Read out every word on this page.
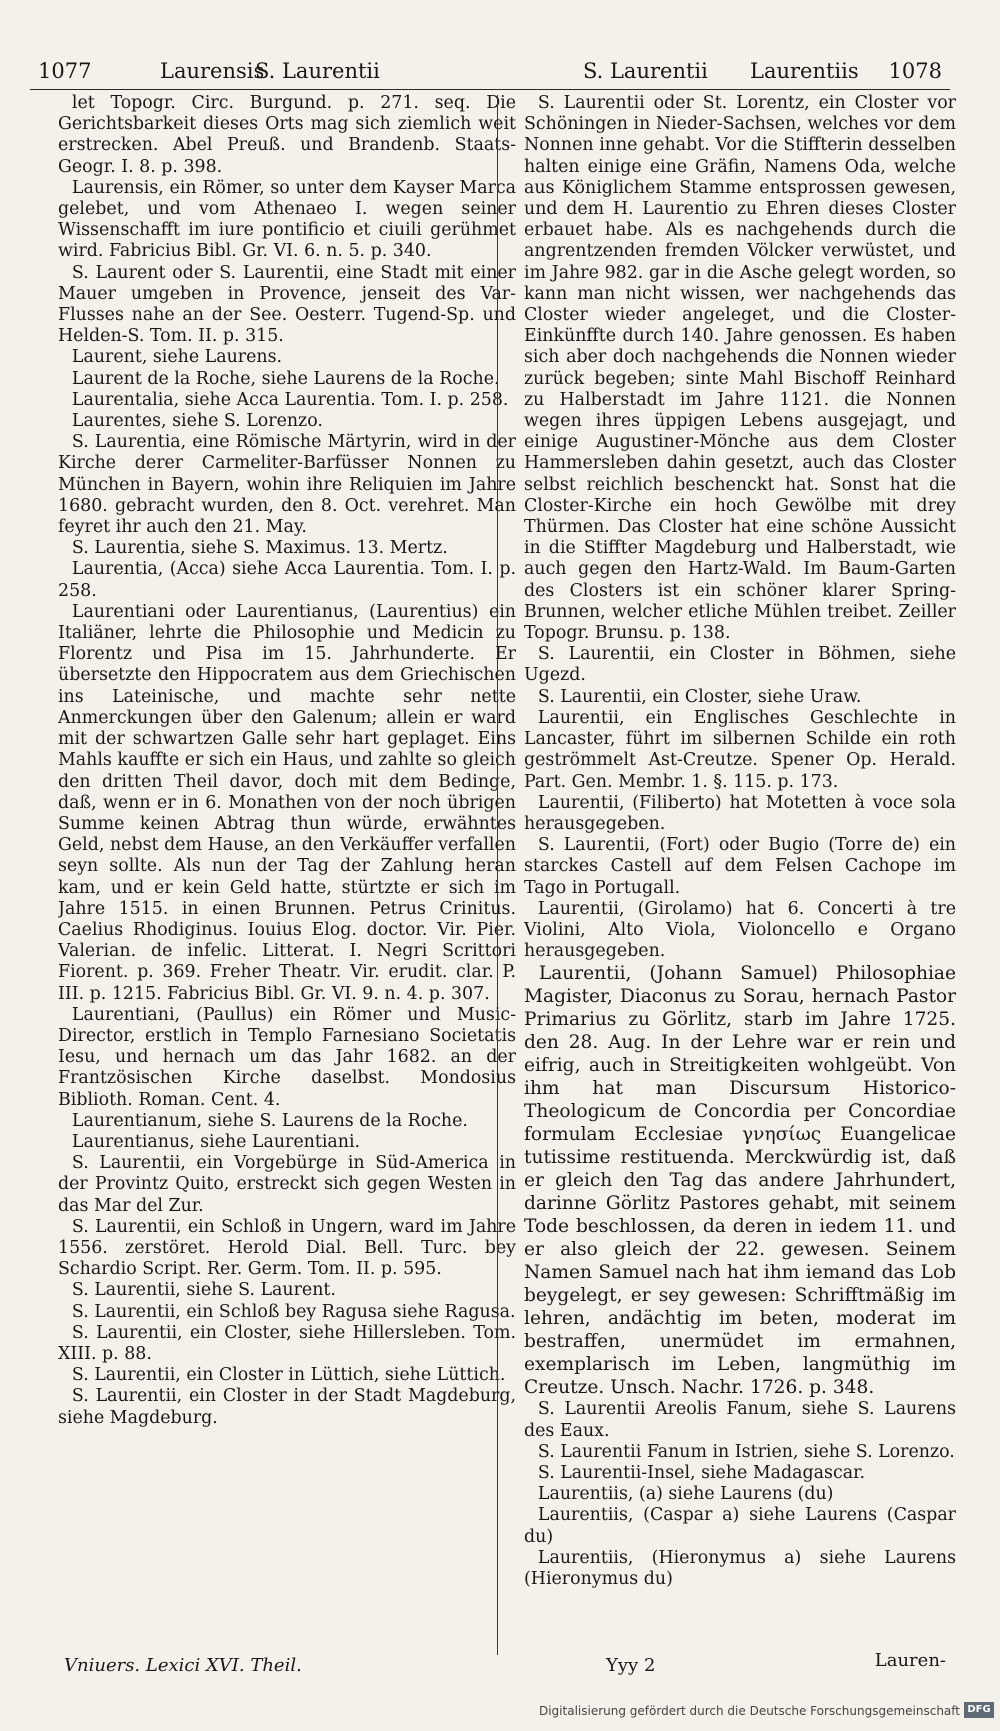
1077	Laurensis
S. Laurentii	S. Laurentii Laurentiis 1078

let Topogr. Circ. Burgund. p. 271. seq. Die Gerichtsbarkeit dieses Orts mag sich ziemlich weit erstrecken. Abel Preuß. und Brandenb. Staats-Geogr. I. 8. p. 398.

Laurensis, ein Römer, so unter dem Kayser Marca gelebet, und vom Athenaeo I. wegen seiner Wissenschafft im iure pontificio et ciuili gerühmet wird. Fabricius Bibl. Gr. VI. 6. n. 5. p. 340.

S. Laurent oder S. Laurentii, eine Stadt mit einer Mauer umgeben in Provence, jenseit des Var-Flusses nahe an der See. Oesterr. Tugend-Sp. und Helden-S. Tom. II. p. 315.

Laurent, siehe Laurens.

Laurent de la Roche, siehe Laurens de la Roche.

Laurentalia, siehe Acca Laurentia. Tom. I. p. 258.

Laurentes, siehe S. Lorenzo.

S. Laurentia, eine Römische Märtyrin, wird in der Kirche derer Carmeliter-Barfüsser Nonnen zu München in Bayern, wohin ihre Reliquien im Jahre 1680. gebracht wurden, den 8. Oct. verehret. Man feyret ihr auch den 21. May.

S. Laurentia, siehe S. Maximus. 13. Mertz.

Laurentia, (Acca) siehe Acca Laurentia. Tom. I. p. 258.

Laurentiani oder Laurentianus, (Laurentius) ein Italiäner, lehrte die Philosophie und Medicin zu Florentz und Pisa im 15. Jahrhunderte. Er übersetzte den Hippocratem aus dem Griechischen ins Lateinische, und machte sehr nette Anmerckungen über den Galenum; allein er ward mit der schwartzen Galle sehr hart geplaget. Eins Mahls kauffte er sich ein Haus, und zahlte so gleich den dritten Theil davor, doch mit dem Bedinge, daß, wenn er in 6. Monathen von der noch übrigen Summe keinen Abtrag thun würde, erwähntes Geld, nebst dem Hause, an den Verkäuffer verfallen seyn sollte. Als nun der Tag der Zahlung heran kam, und er kein Geld hatte, stürtzte er sich im Jahre 1515. in einen Brunnen. Petrus Crinitus. Caelius Rhodiginus. Iouius Elog. doctor. Vir. Pier. Valerian. de infelic. Litterat. I. Negri Scrittori Fiorent. p. 369. Freher Theatr. Vir. erudit. clar. P. III. p. 1215. Fabricius Bibl. Gr. VI. 9. n. 4. p. 307.

Laurentiani, (Paullus) ein Römer und Music-Director, erstlich in Templo Farnesiano Societatis Iesu, und hernach um das Jahr 1682. an der Frantzösischen Kirche daselbst. Mondosius Biblioth. Roman. Cent. 4.

Laurentianum, siehe S. Laurens de la Roche.

Laurentianus, siehe Laurentiani.

S. Laurentii, ein Vorgebürge in Süd-America in der Provintz Quito, erstreckt sich gegen Westen in das Mar del Zur.

S. Laurentii, ein Schloß in Ungern, ward im Jahre 1556. zerstöret. Herold Dial. Bell. Turc. bey Schardio Script. Rer. Germ. Tom. II. p. 595.

S. Laurentii, siehe S. Laurent.

S. Laurentii, ein Schloß bey Ragusa siehe Ragusa.

S. Laurentii, ein Closter, siehe Hillersleben. Tom. XIII. p. 88.

S. Laurentii, ein Closter in Lüttich, siehe Lüttich.

S. Laurentii, ein Closter in der Stadt Magdeburg, siehe Magdeburg.

S. Laurentii oder St. Lorentz, ein Closter vor Schöningen in Nieder-Sachsen, welches vor dem Nonnen inne gehabt. Vor die Stiffterin desselben halten einige eine Gräfin, Namens Oda, welche aus Königlichem Stamme entsprossen gewesen, und dem H. Laurentio zu Ehren dieses Closter erbauet habe. Als es nachgehends durch die angrentzenden fremden Völcker verwüstet, und im Jahre 982. gar in die Asche gelegt worden, so kann man nicht wissen, wer nachgehends das Closter wieder angeleget, und die Closter-Einkünffte durch 140. Jahre genossen. Es haben sich aber doch nachgehends die Nonnen wieder zurück begeben; sinte Mahl Bischoff Reinhard zu Halberstadt im Jahre 1121. die Nonnen wegen ihres üppigen Lebens ausgejagt, und einige Augustiner-Mönche aus dem Closter Hammersleben dahin gesetzt, auch das Closter selbst reichlich beschenckt hat. Sonst hat die Closter-Kirche ein hoch Gewölbe mit drey Thürmen. Das Closter hat eine schöne Aussicht in die Stiffter Magdeburg und Halberstadt, wie auch gegen den Hartz-Wald. Im Baum-Garten des Closters ist ein schöner klarer Spring-Brunnen, welcher etliche Mühlen treibet. Zeiller Topogr. Brunsu. p. 138.

S. Laurentii, ein Closter in Böhmen, siehe Ugezd.

S. Laurentii, ein Closter, siehe Uraw.

Laurentii, ein Englisches Geschlechte in Lancaster, führt im silbernen Schilde ein roth geströmmelt Ast-Creutze. Spener Op. Herald. Part. Gen. Membr. 1. §. 115. p. 173.

Laurentii, (Filiberto) hat Motetten à voce sola herausgegeben.

S. Laurentii, (Fort) oder Bugio (Torre de) ein starckes Castell auf dem Felsen Cachope im Tago in Portugall.

Laurentii, (Girolamo) hat 6. Concerti à tre Violini, Alto Viola, Violoncello e Organo herausgegeben.

Laurentii, (Johann Samuel) Philosophiae Magister, Diaconus zu Sorau, hernach Pastor Primarius zu Görlitz, starb im Jahre 1725. den 28. Aug. In der Lehre war er rein und eifrig, auch in Streitigkeiten wohlgeübt. Von ihm hat man Discursum Historico-Theologicum de Concordia per Concordiae formulam Ecclesiae γνησίως Euangelicae tutissime restituenda. Merckwürdig ist, daß er gleich den Tag das andere Jahrhundert, darinne Görlitz Pastores gehabt, mit seinem Tode beschlossen, da deren in iedem 11. und er also gleich der 22. gewesen. Seinem Namen Samuel nach hat ihm iemand das Lob beygelegt, er sey gewesen: Schrifftmäßig im lehren, andächtig im beten, moderat im bestraffen, unermüdet im ermahnen, exemplarisch im Leben, langmüthig im Creutze. Unsch. Nachr. 1726. p. 348.

S. Laurentii Areolis Fanum, siehe S. Laurens des Eaux.

S. Laurentii Fanum in Istrien, siehe S. Lorenzo.

S. Laurentii-Insel, siehe Madagascar.

Laurentiis, (a) siehe Laurens (du)

Laurentiis, (Caspar a) siehe Laurens (Caspar du)

Laurentiis, (Hieronymus a) siehe Laurens (Hieronymus du)

Vniuers. Lexici XVI. Theil.	Yyy 2	Lauren-
Digitalisierung gefördert durch die Deutsche Forschungsgemeinschaft DFG
